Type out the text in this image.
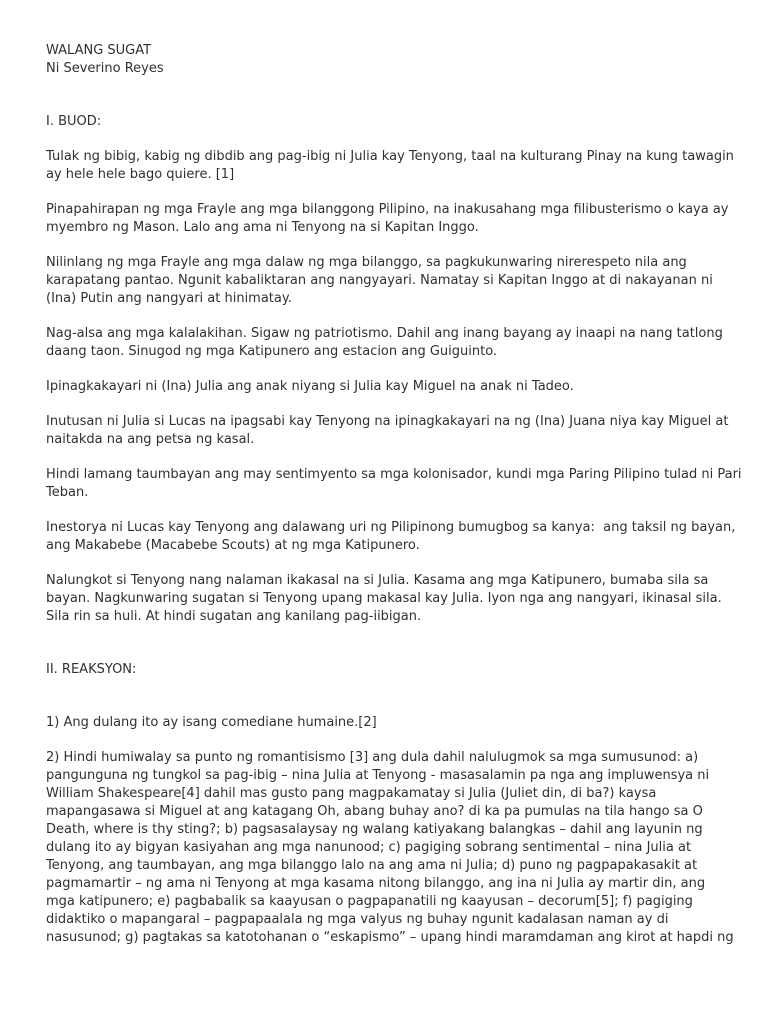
WALANG SUGAT
Ni Severino Reyes
I. BUOD:
Tulak ng bibig, kabig ng dibdib ang pag-ibig ni Julia kay Tenyong, taal na kulturang Pinay na kung tawagin
ay hele hele bago quiere. [1]
Pinapahirapan ng mga Frayle ang mga bilanggong Pilipino, na inakusahang mga filibusterismo o kaya ay
myembro ng Mason. Lalo ang ama ni Tenyong na si Kapitan Inggo.
Nilinlang ng mga Frayle ang mga dalaw ng mga bilanggo, sa pagkukunwaring nirerespeto nila ang
karapatang pantao. Ngunit kabaliktaran ang nangyayari. Namatay si Kapitan Inggo at di nakayanan ni
(Ina) Putin ang nangyari at hinimatay.
Nag-alsa ang mga kalalakihan. Sigaw ng patriotismo. Dahil ang inang bayang ay inaapi na nang tatlong
daang taon. Sinugod ng mga Katipunero ang estacion ang Guiguinto.
Ipinagkakayari ni (Ina) Julia ang anak niyang si Julia kay Miguel na anak ni Tadeo.
Inutusan ni Julia si Lucas na ipagsabi kay Tenyong na ipinagkakayari na ng (Ina) Juana niya kay Miguel at
naitakda na ang petsa ng kasal.
Hindi lamang taumbayan ang may sentimyento sa mga kolonisador, kundi mga Paring Pilipino tulad ni Pari
Teban.
Inestorya ni Lucas kay Tenyong ang dalawang uri ng Pilipinong bumugbog sa kanya:  ang taksil ng bayan,
ang Makabebe (Macabebe Scouts) at ng mga Katipunero.
Nalungkot si Tenyong nang nalaman ikakasal na si Julia. Kasama ang mga Katipunero, bumaba sila sa
bayan. Nagkunwaring sugatan si Tenyong upang makasal kay Julia. Iyon nga ang nangyari, ikinasal sila.
Sila rin sa huli. At hindi sugatan ang kanilang pag-iibigan.
II. REAKSYON:
1) Ang dulang ito ay isang comediane humaine.[2]
2) Hindi humiwalay sa punto ng romantisismo [3] ang dula dahil nalulugmok sa mga sumusunod: a)
pangunguna ng tungkol sa pag-ibig – nina Julia at Tenyong - masasalamin pa nga ang impluwensya ni
William Shakespeare[4] dahil mas gusto pang magpakamatay si Julia (Juliet din, di ba?) kaysa
mapangasawa si Miguel at ang katagang Oh, abang buhay ano? di ka pa pumulas na tila hango sa O
Death, where is thy sting?; b) pagsasalaysay ng walang katiyakang balangkas – dahil ang layunin ng
dulang ito ay bigyan kasiyahan ang mga nanunood; c) pagiging sobrang sentimental – nina Julia at
Tenyong, ang taumbayan, ang mga bilanggo lalo na ang ama ni Julia; d) puno ng pagpapakasakit at
pagmamartir – ng ama ni Tenyong at mga kasama nitong bilanggo, ang ina ni Julia ay martir din, ang
mga katipunero; e) pagbabalik sa kaayusan o pagpapanatili ng kaayusan – decorum[5]; f) pagiging
didaktiko o mapangaral – pagpapaalala ng mga valyus ng buhay ngunit kadalasan naman ay di
nasusunod; g) pagtakas sa katotohanan o “eskapismo” – upang hindi maramdaman ang kirot at hapdi ng
